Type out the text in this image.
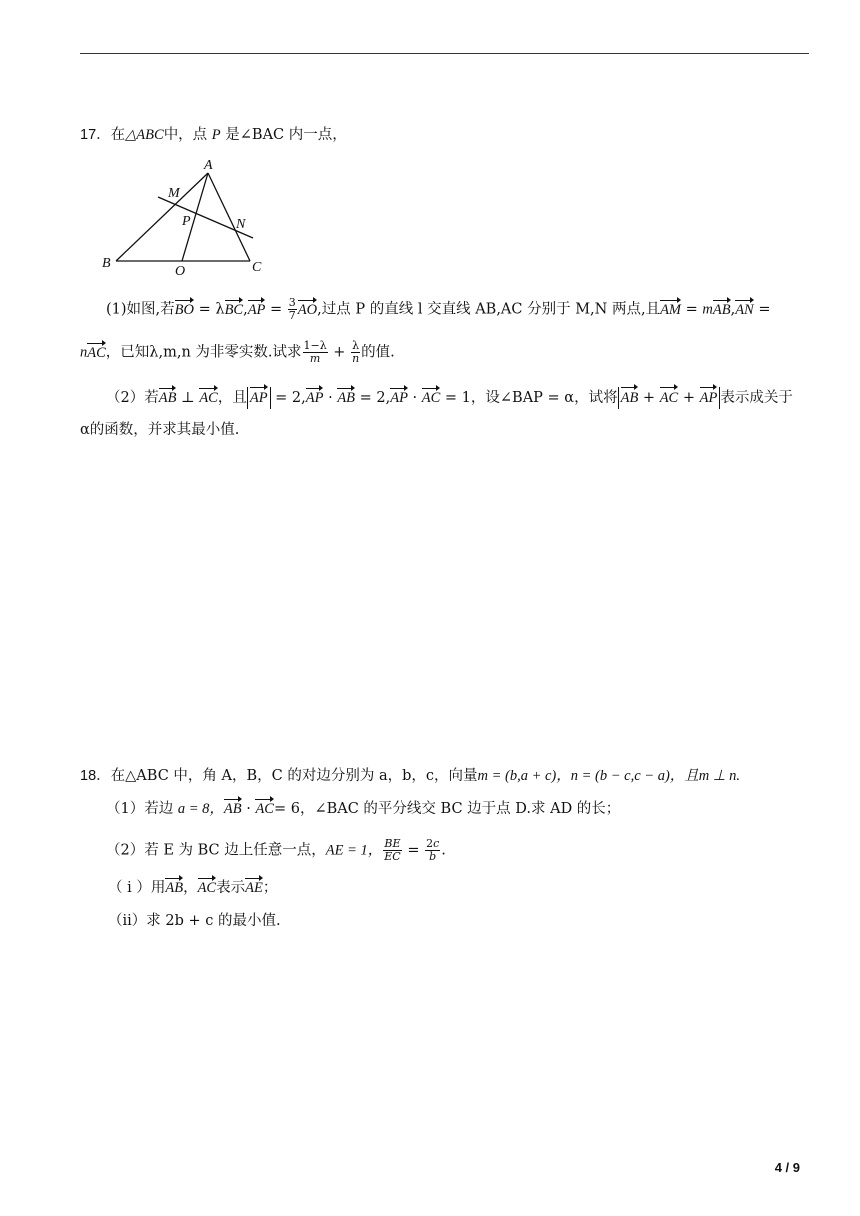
17．在△ABC中，点 P 是∠BAC 内一点，
A
M
P	N
B
O	C
(1)如图,若BO = $\lambda BC,AP = \frac{3}{7}$ AO,过点 P 的直线 l 交直线 AB,AC 分别于 M,N 两点,且AM = mAB,AN =
nAC，已知λ,m,n 为非零实数.试求 $\frac{1-\lambda}{m} + \frac{\lambda}{n}$ 的值.
（2）若AB ⊥ AC，且 AP = 2,AP · AB = 2,AP · AC = 1，设∠BAP = α，试将 AB + AC + AP 表示成关于
α的函数，并求其最小值.
18．在△ABC 中，角 A，B，C 的对边分别为 a，b，c，向量m = (b,a + c)，n = (b − c,c − a)，且m ⊥ n.
（1）若边 a = 8，AB · AC= 6，∠BAC 的平分线交 BC 边于点 D.求 AD 的长；
（2）若 E 为 BC 边上任意一点，AE = 1， $\frac{BE}{EC} = \frac{2c}{b}$ .
（ i ）用AB，AC表示AE；
（ii）求 2b + c 的最小值.
4 / 9
